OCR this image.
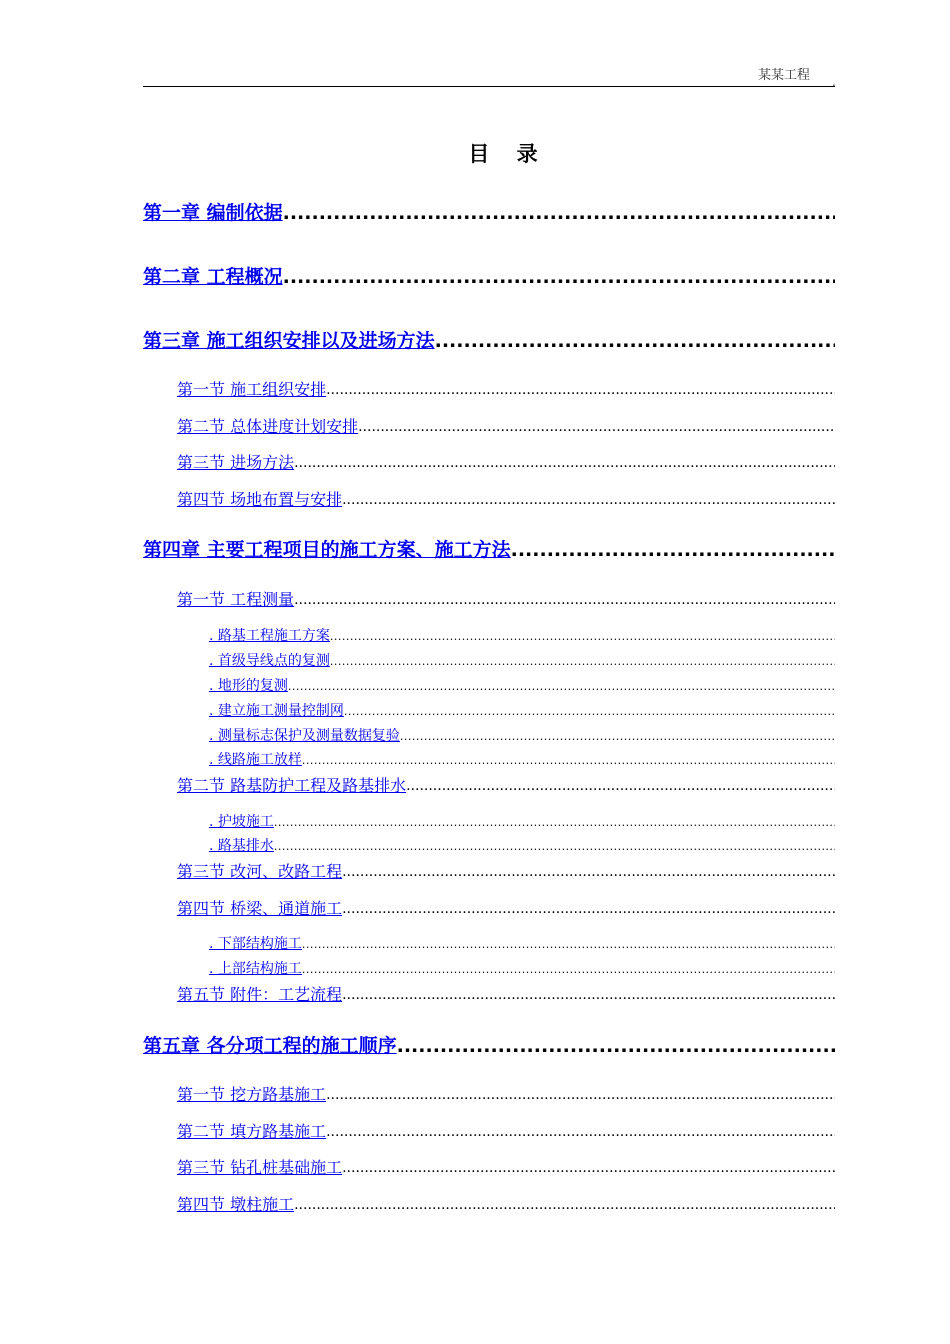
某某工程 .
目 录
第一章 编制依据
.....
第二章 工程概况
.....
第三章 施工组织安排以及进场方法
.....
第一节 施工组织安排
.....
第二节 总体进度计划安排
.....
第三节 进场方法
.....
第四节 场地布置与安排
.....
第四章 主要工程项目的施工方案、施工方法
.....
第一节 工程测量
.....
. 路基工程施工方案
.....
. 首级导线点的复测
.....
. 地形的复测
.....
. 建立施工测量控制网
.....
. 测量标志保护及测量数据复验
.....
. 线路施工放样
.....
第二节 路基防护工程及路基排水
.....
. 护坡施工
.....
. 路基排水
.....
第三节 改河、改路工程
.....
第四节 桥梁、通道施工
.....
. 下部结构施工
.....
. 上部结构施工
.....
第五节 附件：工艺流程
.....
第五章 各分项工程的施工顺序
.....
第一节 挖方路基施工
.....
第二节 填方路基施工
.....
第三节 钻孔桩基础施工
.....
第四节 墩柱施工
.....
